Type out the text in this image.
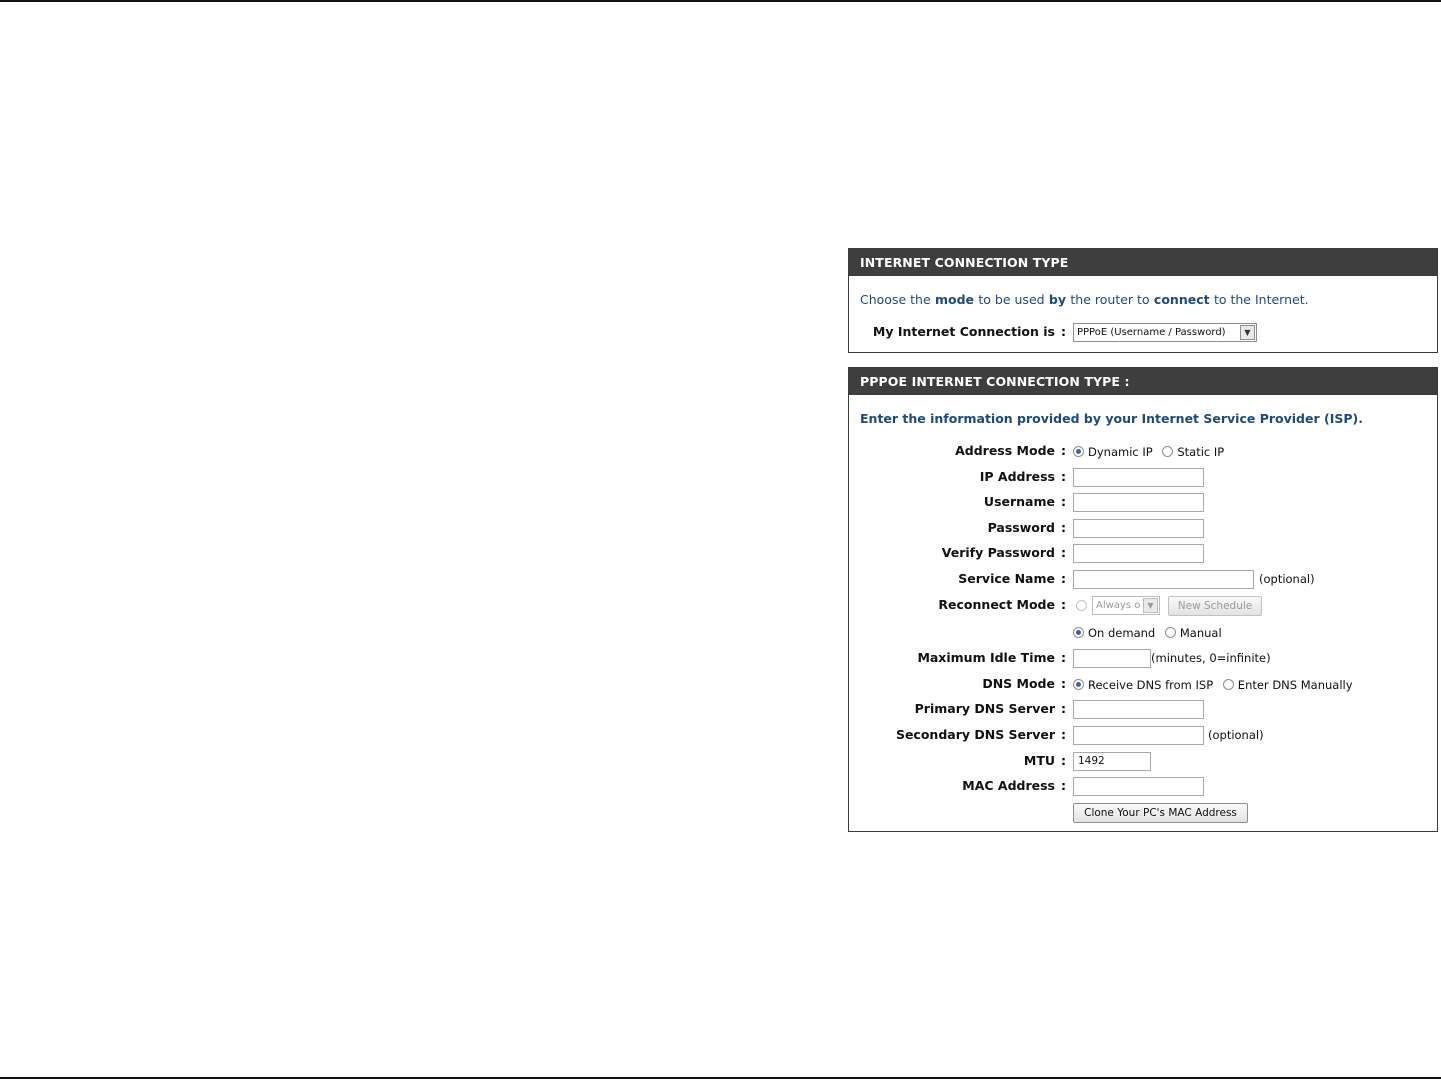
INTERNET CONNECTION TYPE
Choose the mode to be used by the router to connect to the Internet.
My Internet Connection is :	PPPoE (Username / Password)	▼
PPPOE INTERNET CONNECTION TYPE :
Enter the information provided by your Internet Service Provider (ISP).
Address Mode :	Dynamic IP Static IP
IP Address :
Username :
Password :
Verify Password :
Service Name :	(optional)
Reconnect Mode :	Always o ▼	New Schedule
On demand Manual
Maximum Idle Time :	(minutes, 0=infinite)
DNS Mode :	Receive DNS from ISP Enter DNS Manually
Primary DNS Server :
Secondary DNS Server :	(optional)
MTU :	1492
MAC Address :
Clone Your PC's MAC Address
